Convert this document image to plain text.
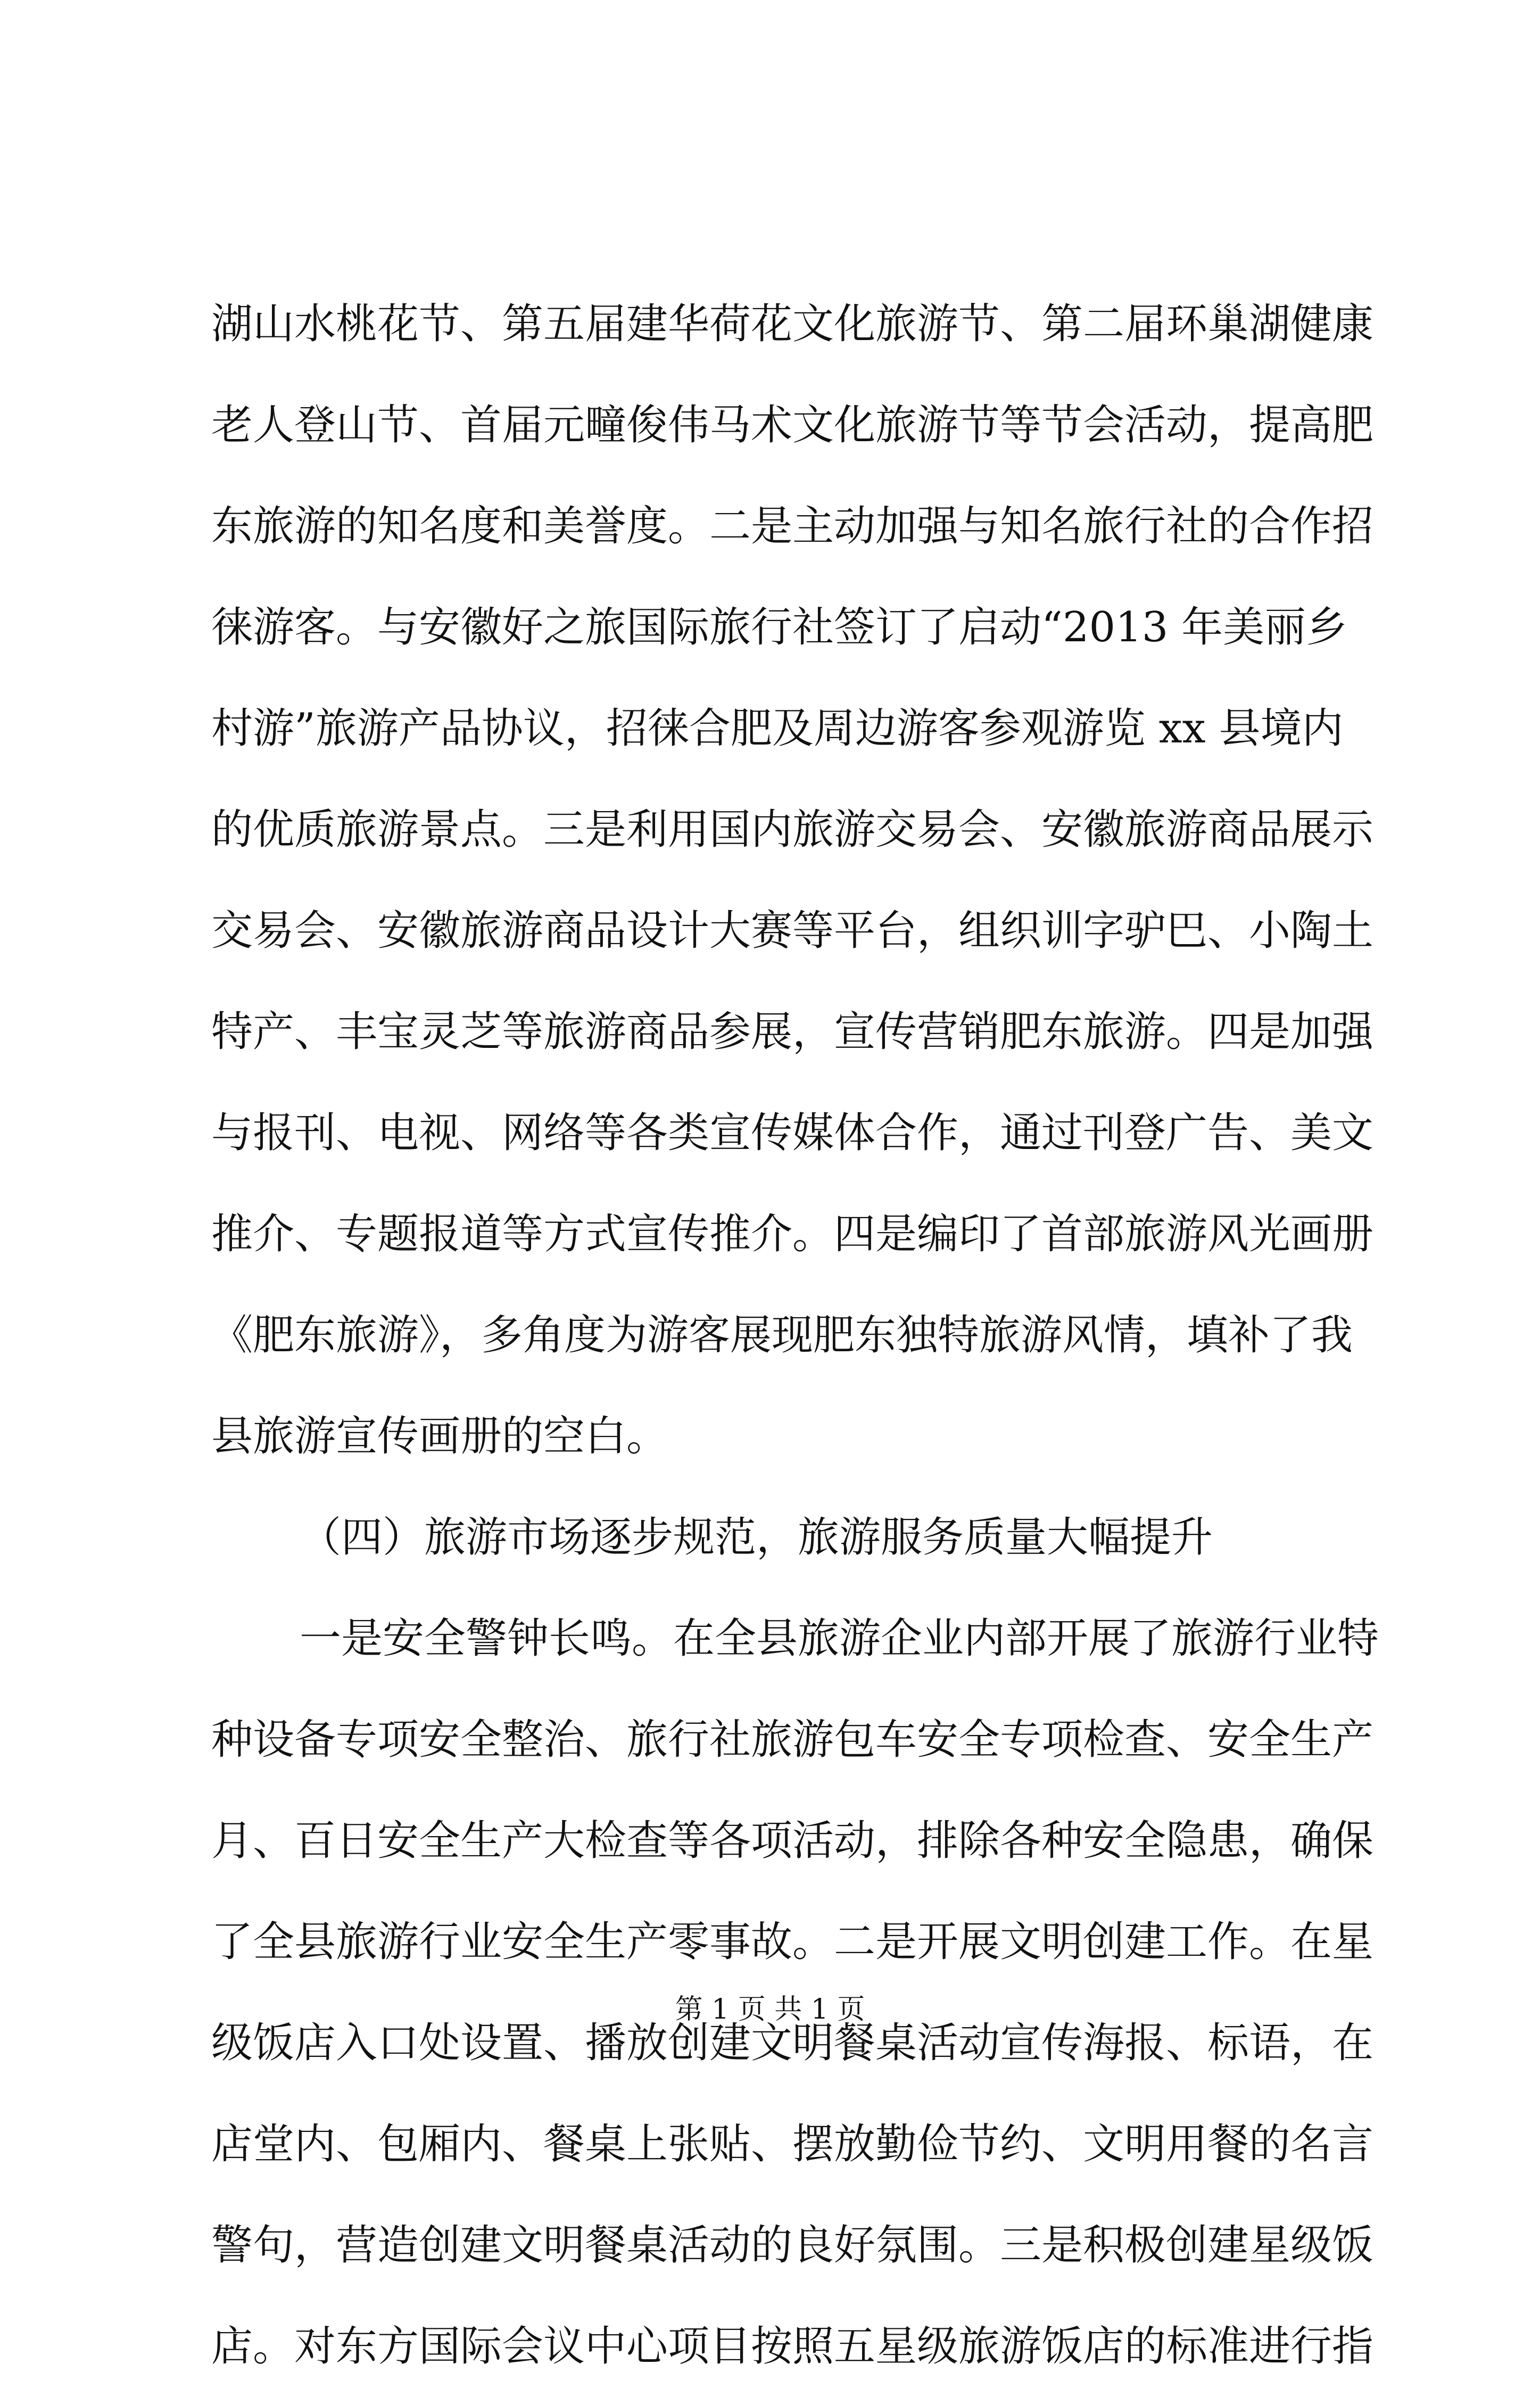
湖山水桃花节、第五届建华荷花文化旅游节、第二届环巢湖健康
老人登山节、首届元疃俊伟马术文化旅游节等节会活动，提高肥
东旅游的知名度和美誉度。二是主动加强与知名旅行社的合作招
徕游客。与安徽好之旅国际旅行社签订了启动“2013 年美丽乡
村游”旅游产品协议，招徕合肥及周边游客参观游览 xx 县境内
的优质旅游景点。三是利用国内旅游交易会、安徽旅游商品展示
交易会、安徽旅游商品设计大赛等平台，组织训字驴巴、小陶土
特产、丰宝灵芝等旅游商品参展，宣传营销肥东旅游。四是加强
与报刊、电视、网络等各类宣传媒体合作，通过刊登广告、美文
推介、专题报道等方式宣传推介。四是编印了首部旅游风光画册
《肥东旅游》，多角度为游客展现肥东独特旅游风情，填补了我
县旅游宣传画册的空白。
（四）旅游市场逐步规范，旅游服务质量大幅提升
一是安全警钟长鸣。在全县旅游企业内部开展了旅游行业特
种设备专项安全整治、旅行社旅游包车安全专项检查、安全生产
月、百日安全生产大检查等各项活动，排除各种安全隐患，确保
了全县旅游行业安全生产零事故。二是开展文明创建工作。在星
级饭店入口处设置、播放创建文明餐桌活动宣传海报、标语，在
店堂内、包厢内、餐桌上张贴、摆放勤俭节约、文明用餐的名言
警句，营造创建文明餐桌活动的良好氛围。三是积极创建星级饭
店。对东方国际会议中心项目按照五星级旅游饭店的标准进行指
第 1 页 共 1 页
